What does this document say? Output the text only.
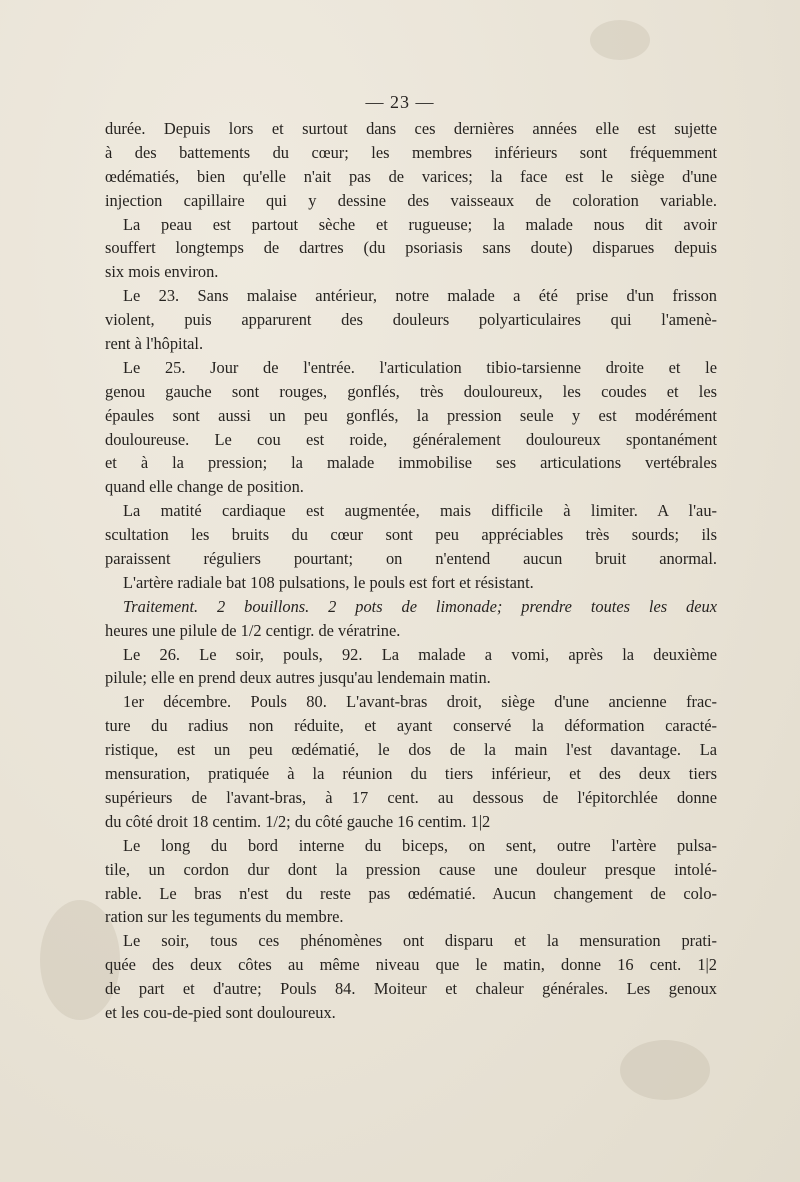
— 23 —
durée. Depuis lors et surtout dans ces dernières années elle est sujette
à des battements du cœur; les membres inférieurs sont fréquemment
œdématiés, bien qu'elle n'ait pas de varices; la face est le siège d'une
injection capillaire qui y dessine des vaisseaux de coloration variable.
La peau est partout sèche et rugueuse; la malade nous dit avoir
souffert longtemps de dartres (du psoriasis sans doute) disparues depuis
six mois environ.
Le 23. Sans malaise antérieur, notre malade a été prise d'un frisson
violent, puis apparurent des douleurs polyarticulaires qui l'amenè-
rent à l'hôpital.
Le 25. Jour de l'entrée. l'articulation tibio-tarsienne droite et le
genou gauche sont rouges, gonflés, très douloureux, les coudes et les
épaules sont aussi un peu gonflés, la pression seule y est modérément
douloureuse. Le cou est roide, généralement douloureux spontanément
et à la pression; la malade immobilise ses articulations vertébrales
quand elle change de position.
La matité cardiaque est augmentée, mais difficile à limiter. A l'au-
scultation les bruits du cœur sont peu appréciables très sourds; ils
paraissent réguliers pourtant; on n'entend aucun bruit anormal.
L'artère radiale bat 108 pulsations, le pouls est fort et résistant.
Traitement. 2 bouillons. 2 pots de limonade; prendre toutes les deux
heures une pilule de 1/2 centigr. de vératrine.
Le 26. Le soir, pouls, 92. La malade a vomi, après la deuxième
pilule; elle en prend deux autres jusqu'au lendemain matin.
1er décembre. Pouls 80. L'avant-bras droit, siège d'une ancienne frac-
ture du radius non réduite, et ayant conservé la déformation caracté-
ristique, est un peu œdématié, le dos de la main l'est davantage. La
mensuration, pratiquée à la réunion du tiers inférieur, et des deux tiers
supérieurs de l'avant-bras, à 17 cent. au dessous de l'épitorchlée donne
du côté droit 18 centim. 1/2; du côté gauche 16 centim. 1|2
Le long du bord interne du biceps, on sent, outre l'artère pulsa-
tile, un cordon dur dont la pression cause une douleur presque intolé-
rable. Le bras n'est du reste pas œdématié. Aucun changement de colo-
ration sur les teguments du membre.
Le soir, tous ces phénomènes ont disparu et la mensuration prati-
quée des deux côtes au même niveau que le matin, donne 16 cent. 1|2
de part et d'autre; Pouls 84. Moiteur et chaleur générales. Les genoux
et les cou-de-pied sont douloureux.
